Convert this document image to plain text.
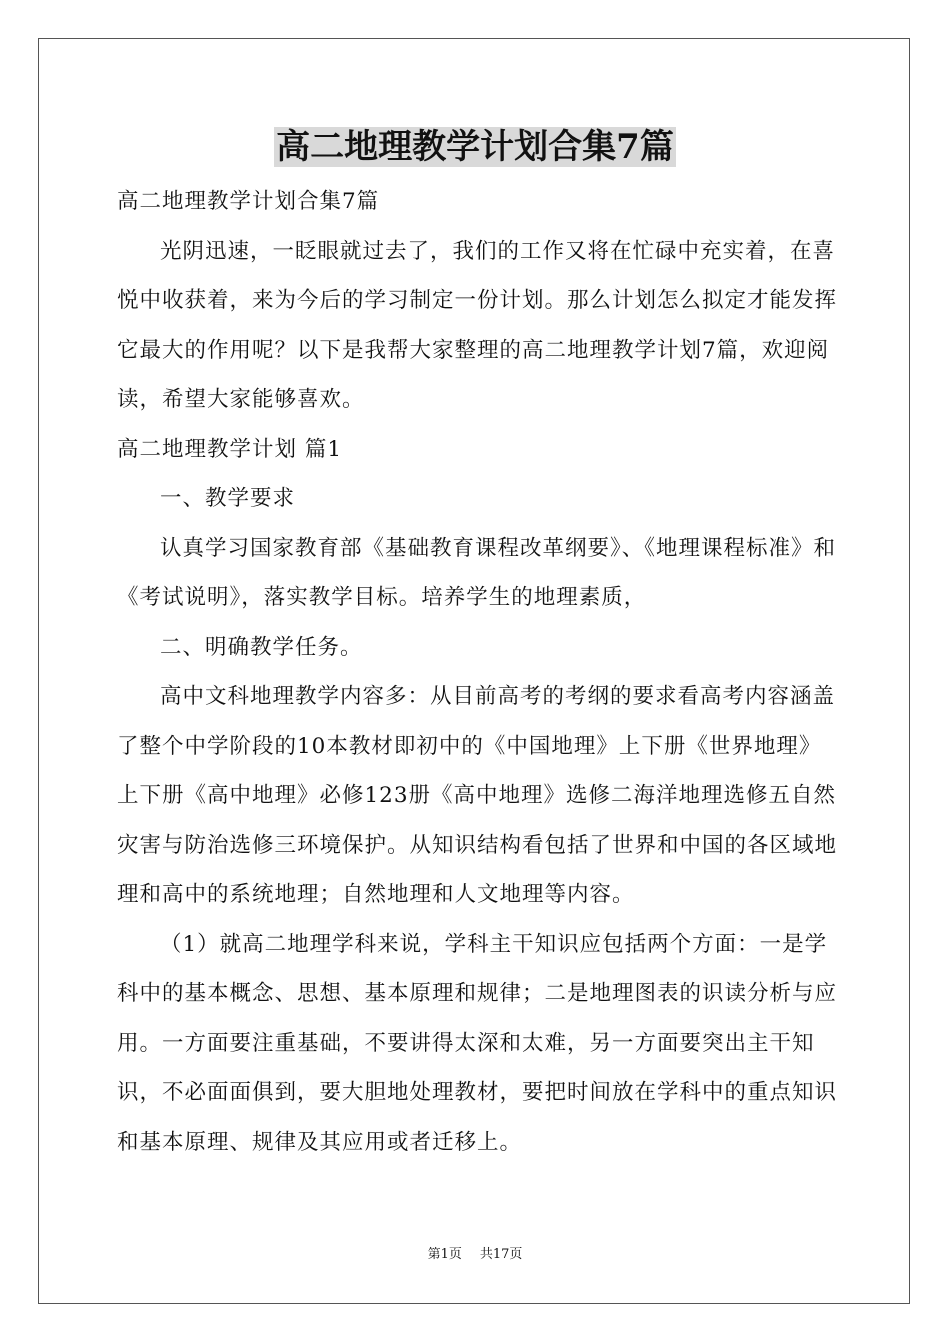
高二地理教学计划合集7篇

高二地理教学计划合集7篇

光阴迅速，一眨眼就过去了，我们的工作又将在忙碌中充实着，在喜悦中收获着，来为今后的学习制定一份计划。那么计划怎么拟定才能发挥它最大的作用呢？以下是我帮大家整理的高二地理教学计划7篇，欢迎阅读，希望大家能够喜欢。

高二地理教学计划 篇1

一、教学要求

认真学习国家教育部《基础教育课程改革纲要》、《地理课程标准》和《考试说明》，落实教学目标。培养学生的地理素质，

二、明确教学任务。

高中文科地理教学内容多：从目前高考的考纲的要求看高考内容涵盖了整个中学阶段的10本教材即初中的《中国地理》上下册《世界地理》上下册《高中地理》必修123册《高中地理》选修二海洋地理选修五自然灾害与防治选修三环境保护。从知识结构看包括了世界和中国的各区域地理和高中的系统地理；自然地理和人文地理等内容。

（1）就高二地理学科来说，学科主干知识应包括两个方面：一是学科中的基本概念、思想、基本原理和规律；二是地理图表的识读分析与应用。一方面要注重基础，不要讲得太深和太难，另一方面要突出主干知识，不必面面俱到，要大胆地处理教材，要把时间放在学科中的重点知识和基本原理、规律及其应用或者迁移上。

第1页 共17页
